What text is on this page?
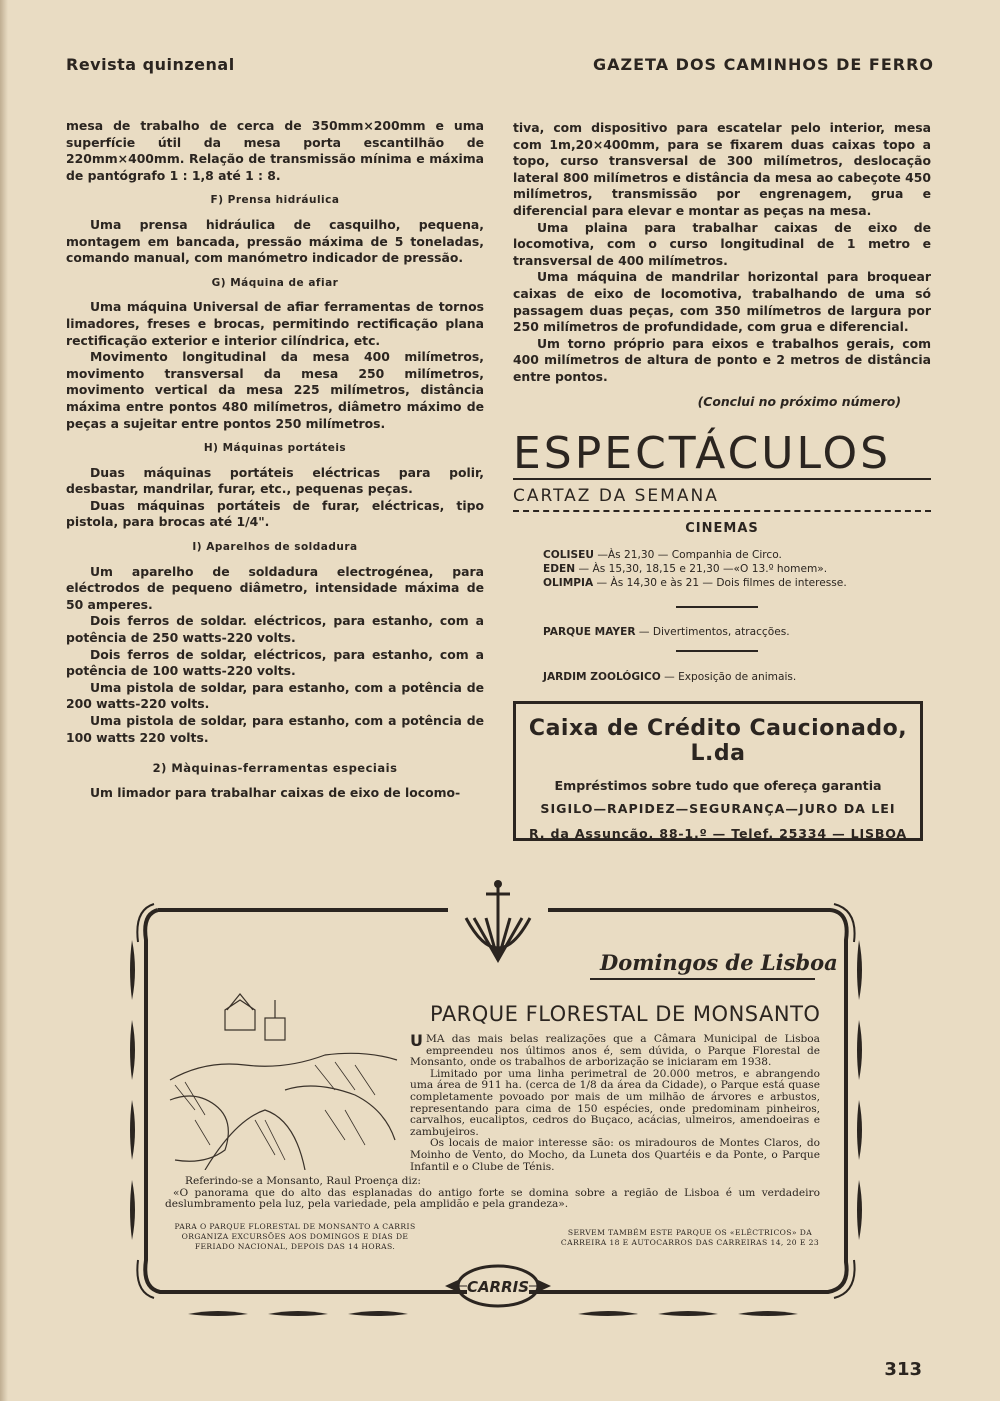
Revista quinzenal	GAZETA DOS CAMINHOS DE FERRO

mesa de trabalho de cerca de 350mm×200mm e uma superfície útil da mesa porta escantilhão de 220mm×400mm. Relação de transmissão mínima e máxima de pantógrafo 1 : 1,8 até 1 : 8.

F) Prensa hidráulica

Uma prensa hidráulica de casquilho, pequena, montagem em bancada, pressão máxima de 5 toneladas, comando manual, com manómetro indicador de pressão.

G) Máquina de afiar

Uma máquina Universal de afiar ferramentas de tornos limadores, freses e brocas, permitindo rectificação plana rectificação exterior e interior cilíndrica, etc.

Movimento longitudinal da mesa 400 milímetros, movimento transversal da mesa 250 milímetros, movimento vertical da mesa 225 milímetros, distância máxima entre pontos 480 milímetros, diâmetro máximo de peças a sujeitar entre pontos 250 milímetros.

H) Máquinas portáteis

Duas máquinas portáteis eléctricas para polir, desbastar, mandrilar, furar, etc., pequenas peças.

Duas máquinas portáteis de furar, eléctricas, tipo pistola, para brocas até 1/4".

I) Aparelhos de soldadura

Um aparelho de soldadura electrogénea, para eléctrodos de pequeno diâmetro, intensidade máxima de 50 amperes.

Dois ferros de soldar. eléctricos, para estanho, com a potência de 250 watts-220 volts.

Dois ferros de soldar, eléctricos, para estanho, com a potência de 100 watts-220 volts.

Uma pistola de soldar, para estanho, com a potência de 200 watts-220 volts.

Uma pistola de soldar, para estanho, com a potência de 100 watts 220 volts.

2) Màquinas-ferramentas especiais

Um limador para trabalhar caixas de eixo de locomo-

tiva, com dispositivo para escatelar pelo interior, mesa com 1m,20×400mm, para se fixarem duas caixas topo a topo, curso transversal de 300 milímetros, deslocação lateral 800 milímetros e distância da mesa ao cabeçote 450 milímetros, transmissão por engrenagem, grua e diferencial para elevar e montar as peças na mesa.

Uma plaina para trabalhar caixas de eixo de locomotiva, com o curso longitudinal de 1 metro e transversal de 400 milímetros.

Uma máquina de mandrilar horizontal para broquear caixas de eixo de locomotiva, trabalhando de uma só passagem duas peças, com 350 milímetros de largura por 250 milímetros de profundidade, com grua e diferencial.

Um torno próprio para eixos e trabalhos gerais, com 400 milímetros de altura de ponto e 2 metros de distância entre pontos.

(Conclui no próximo número)
ESPECTÁCULOS
CARTAZ DA SEMANA
CINEMAS
COLISEU —Às 21,30 — Companhia de Circo.
EDEN — Às 15,30, 18,15 e 21,30 —«O 13.º homem».
OLIMPIA — Às 14,30 e às 21 — Dois filmes de interesse.
PARQUE MAYER — Divertimentos, atracções.
JARDIM ZOOLÓGICO — Exposição de animais.
Caixa de Crédito Caucionado, L.da
Empréstimos sobre tudo que ofereça garantia
SIGILO—RAPIDEZ—SEGURANÇA—JURO DA LEI
R. da Assunção, 88-1.º — Telef. 25334 — LISBOA
Domingos de Lisboa
PARQUE FLORESTAL DE MONSANTO

UMA das mais belas realizações que a Câmara Municipal de Lisboa empreendeu nos últimos anos é, sem dúvida, o Parque Florestal de Monsanto, onde os trabalhos de arborização se iniciaram em 1938.

Limitado por uma linha perimetral de 20.000 metros, e abrangendo uma área de 911 ha. (cerca de 1/8 da área da Cidade), o Parque está quase completamente povoado por mais de um milhão de árvores e arbustos, representando para cima de 150 espécies, onde predominam pinheiros, carvalhos, eucaliptos, cedros do Buçaco, acácias, ulmeiros, amendoeiras e zambujeiros.

Os locais de maior interesse são: os miradouros de Montes Claros, do Moinho de Vento, do Mocho, da Luneta dos Quartéis e da Ponte, o Parque Infantil e o Clube de Ténis.

Referindo-se a Monsanto, Raul Proença diz:

«O panorama que do alto das esplanadas do antigo forte se domina sobre a região de Lisboa é um verdadeiro deslumbramento pela luz, pela variedade, pela amplidão e pela grandeza».

PARA O PARQUE FLORESTAL DE MONSANTO A CARRIS ORGANIZA EXCURSÕES AOS DOMINGOS E DIAS DE FERIADO NACIONAL, DEPOIS DAS 14 HORAS.
SERVEM TAMBÉM ESTE PARQUE OS «ELÉCTRICOS» DA CARREIRA 18 E AUTOCARROS DAS CARREIRAS 14, 20 E 23
CARRIS
313
